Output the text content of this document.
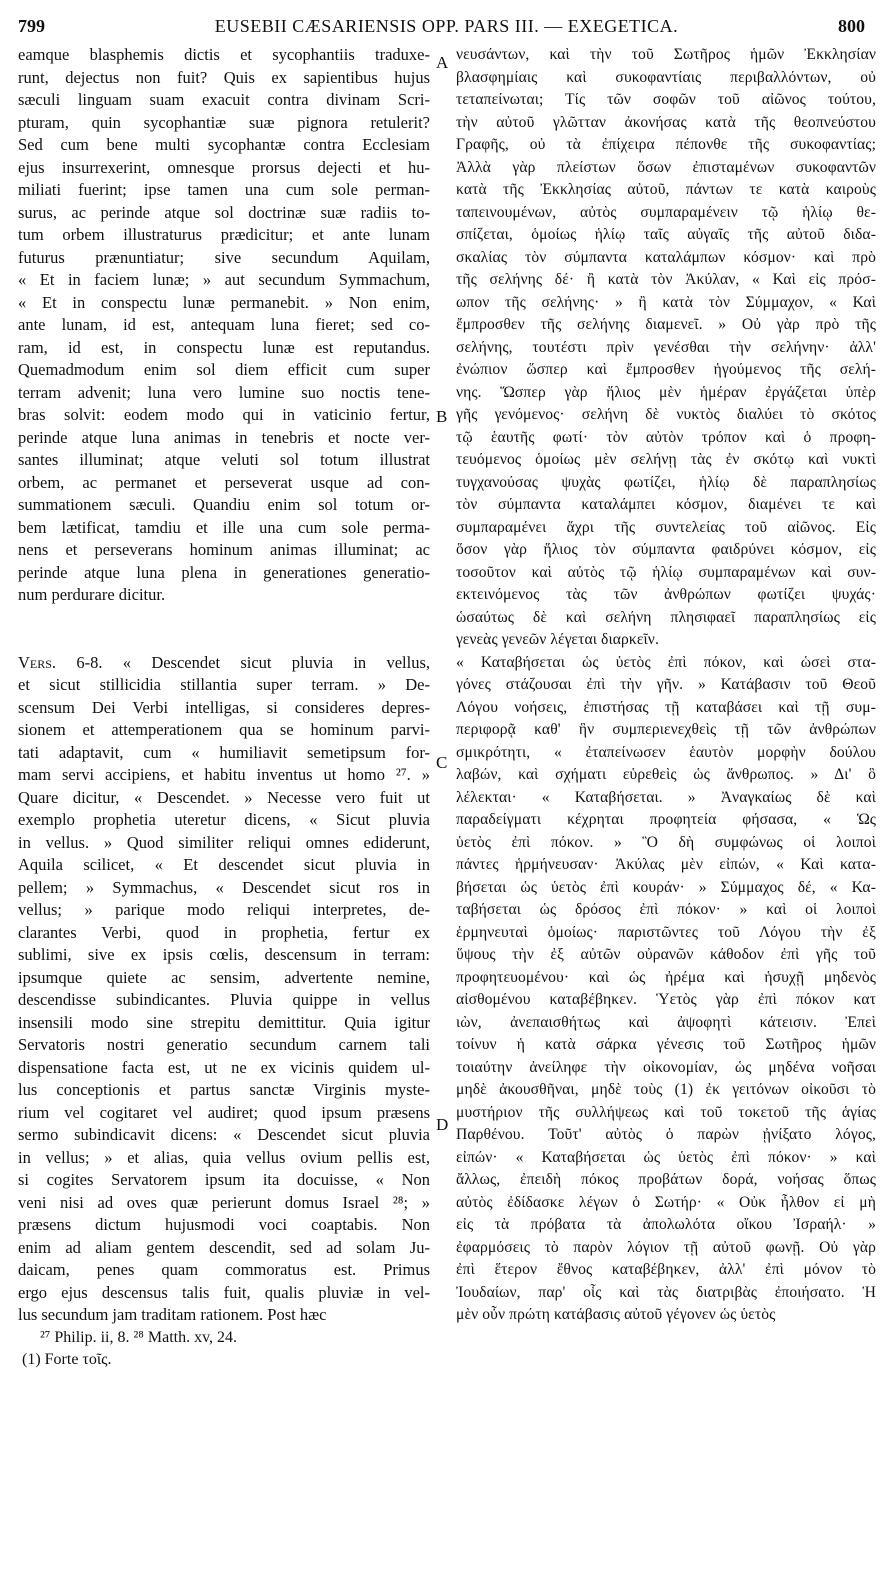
799	EUSEBII CÆSARIENSIS OPP. PARS III. — EXEGETICA.	800
eamque blasphemis dictis et sycophantiis traduxe-
runt, dejectus non fuit? Quis ex sapientibus hujus
sæculi linguam suam exacuit contra divinam Scri-
pturam, quin sycophantiæ suæ pignora retulerit?
Sed cum bene multi sycophantæ contra Ecclesiam
ejus insurrexerint, omnesque prorsus dejecti et hu-
miliati fuerint; ipse tamen una cum sole perman-
surus, ac perinde atque sol doctrinæ suæ radiis to-
tum orbem illustraturus prædicitur; et ante lunam
futurus prænuntiatur; sive secundum Aquilam,
« Et in faciem lunæ; » aut secundum Symmachum,
« Et in conspectu lunæ permanebit. » Non enim,
ante lunam, id est, antequam luna fieret; sed co-
ram, id est, in conspectu lunæ est reputandus.
Quemadmodum enim sol diem efficit cum super
terram advenit; luna vero lumine suo noctis tene-
bras solvit: eodem modo qui in vaticinio fertur,
perinde atque luna animas in tenebris et nocte ver-
santes illuminat; atque veluti sol totum illustrat
orbem, ac permanet et perseverat usque ad con-
summationem sæculi. Quandiu enim sol totum or-
bem lætificat, tamdiu et ille una cum sole perma-
nens et perseverans hominum animas illuminat; ac
perinde atque luna plena in generationes generatio-
num perdurare dicitur.
Vers. 6-8. « Descendet sicut pluvia in vellus,
et sicut stillicidia stillantia super terram. » De-
scensum Dei Verbi intelligas, si consideres depres-
sionem et attemperationem qua se hominum parvi-
tati adaptavit, cum « humiliavit semetipsum for-
mam servi accipiens, et habitu inventus ut homo ²⁷. »
Quare dicitur, « Descendet. » Necesse vero fuit ut
exemplo prophetia uteretur dicens, « Sicut pluvia
in vellus. » Quod similiter reliqui omnes ediderunt,
Aquila scilicet, « Et descendet sicut pluvia in
pellem; » Symmachus, « Descendet sicut ros in
vellus; » parique modo reliqui interpretes, de-
clarantes Verbi, quod in prophetia, fertur ex
sublimi, sive ex ipsis cœlis, descensum in terram:
ipsumque quiete ac sensim, advertente nemine,
descendisse subindicantes. Pluvia quippe in vellus
insensili modo sine strepitu demittitur. Quia igitur
Servatoris nostri generatio secundum carnem tali
dispensatione facta est, ut ne ex vicinis quidem ul-
lus conceptionis et partus sanctæ Virginis myste-
rium vel cogitaret vel audiret; quod ipsum præsens
sermo subindicavit dicens: « Descendet sicut pluvia
in vellus; » et alias, quia vellus ovium pellis est,
si cogites Servatorem ipsum ita docuisse, « Non
veni nisi ad oves quæ perierunt domus Israel ²⁸; »
præsens dictum hujusmodi voci coaptabis. Non
enim ad aliam gentem descendit, sed ad solam Ju-
daicam, penes quam commoratus est. Primus
ergo ejus descensus talis fuit, qualis pluviæ in vel-
lus secundum jam traditam rationem. Post hæc
²⁷ Philip. ii, 8. ²⁸ Matth. xv, 24.
(1) Forte τοῖς.
νευσάντων, καὶ τὴν τοῦ Σωτῆρος ἡμῶν Ἐκκλησίαν
βλασφημίαις καὶ συκοφαντίαις περιβαλλόντων, οὐ
τεταπείνωται; Τίς τῶν σοφῶν τοῦ αἰῶνος τούτου,
τὴν αὐτοῦ γλῶτταν ἀκονήσας κατὰ τῆς θεοπνεύστου
Γραφῆς, οὐ τὰ ἐπίχειρα πέπονθε τῆς συκοφαντίας;
Ἀλλὰ γὰρ πλείστων ὅσων ἐπισταμένων συκοφαντῶν
κατὰ τῆς Ἐκκλησίας αὐτοῦ, πάντων τε κατὰ καιροὺς
ταπεινουμένων, αὐτὸς συμπαραμένειν τῷ ἡλίῳ θε-
σπίζεται, ὁμοίως ἡλίῳ ταῖς αὐγαῖς τῆς αὐτοῦ διδα-
σκαλίας τὸν σύμπαντα καταλάμπων κόσμον· καὶ πρὸ
τῆς σελήνης δέ· ἢ κατὰ τὸν Ἀκύλαν, « Καὶ εἰς πρόσ-
ωπον τῆς σελήνης· » ἢ κατὰ τὸν Σύμμαχον, « Καὶ
ἔμπροσθεν τῆς σελήνης διαμενεῖ. » Οὐ γὰρ πρὸ τῆς
σελήνης, τουτέστι πρὶν γενέσθαι τὴν σελήνην· ἀλλ'
ἐνώπιον ὥσπερ καὶ ἔμπροσθεν ἡγούμενος τῆς σελή-
νης. Ὥσπερ γὰρ ἥλιος μὲν ἡμέραν ἐργάζεται ὑπὲρ
γῆς γενόμενος· σελήνη δὲ νυκτὸς διαλύει τὸ σκότος
τῷ ἑαυτῆς φωτί· τὸν αὐτὸν τρόπον καὶ ὁ προφη-
τευόμενος ὁμοίως μὲν σελήνῃ τὰς ἐν σκότῳ καὶ νυκτὶ
τυγχανούσας ψυχὰς φωτίζει, ἡλίῳ δὲ παραπλησίως
τὸν σύμπαντα καταλάμπει κόσμον, διαμένει τε καὶ
συμπαραμένει ἄχρι τῆς συντελείας τοῦ αἰῶνος. Εἰς
ὅσον γὰρ ἥλιος τὸν σύμπαντα φαιδρύνει κόσμον, εἰς
τοσοῦτον καὶ αὐτὸς τῷ ἡλίῳ συμπαραμένων καὶ συν-
εκτεινόμενος τὰς τῶν ἀνθρώπων φωτίζει ψυχάς·
ὡσαύτως δὲ καὶ σελήνη πλησιφαεῖ παραπλησίως εἰς
γενεὰς γενεῶν λέγεται διαρκεῖν.
« Καταβήσεται ὡς ὑετὸς ἐπὶ πόκον, καὶ ὡσεὶ στα-
γόνες στάζουσαι ἐπὶ τὴν γῆν. » Κατάβασιν τοῦ Θεοῦ
Λόγου νοήσεις, ἐπιστήσας τῇ καταβάσει καὶ τῇ συμ-
περιφορᾷ καθ' ἣν συμπεριενεχθεὶς τῇ τῶν ἀνθρώπων
σμικρότητι, « ἐταπείνωσεν ἑαυτὸν μορφὴν δούλου
λαβών, καὶ σχήματι εὑρεθεὶς ὡς ἄνθρωπος. » Δι' ὃ
λέλεκται· « Καταβήσεται. » Ἀναγκαίως δὲ καὶ
παραδείγματι κέχρηται προφητεία φήσασα, « Ὡς
ὑετὸς ἐπὶ πόκον. » Ὃ δὴ συμφώνως οἱ λοιποὶ
πάντες ἡρμήνευσαν· Ἀκύλας μὲν εἰπών, « Καὶ κατα-
βήσεται ὡς ὑετὸς ἐπὶ κουράν· » Σύμμαχος δέ, « Κα-
ταβήσεται ὡς δρόσος ἐπὶ πόκον· » καὶ οἱ λοιποὶ
ἑρμηνευταὶ ὁμοίως· παριστῶντες τοῦ Λόγου τὴν ἐξ
ὕψους τὴν ἐξ αὐτῶν οὐρανῶν κάθοδον ἐπὶ γῆς τοῦ
προφητευομένου· καὶ ὡς ἠρέμα καὶ ἡσυχῇ μηδενὸς
αἰσθομένου καταβέβηκεν. Ὑετὸς γὰρ ἐπὶ πόκον κατ
ιὼν, ἀνεπαισθήτως καὶ ἀψοφητὶ κάτεισιν. Ἐπεὶ
τοίνυν ἡ κατὰ σάρκα γένεσις τοῦ Σωτῆρος ἡμῶν
τοιαύτην ἀνείληφε τὴν οἰκονομίαν, ὡς μηδένα νοῆσαι
μηδὲ ἀκουσθῆναι, μηδὲ τοὺς (1) ἐκ γειτόνων οἰκοῦσι τὸ
μυστήριον τῆς συλλήψεως καὶ τοῦ τοκετοῦ τῆς ἁγίας
Παρθένου. Τοῦτ' αὐτὸς ὁ παρὼν ᾐνίξατο λόγος,
εἰπών· « Καταβήσεται ὡς ὑετὸς ἐπὶ πόκον· » καὶ
ἄλλως, ἐπειδὴ πόκος προβάτων δορά, νοήσας ὅπως
αὐτὸς ἐδίδασκε λέγων ὁ Σωτήρ· « Οὐκ ἦλθον εἰ μὴ
εἰς τὰ πρόβατα τὰ ἀπολωλότα οἴκου Ἰσραήλ· »
ἐφαρμόσεις τὸ παρὸν λόγιον τῇ αὐτοῦ φωνῇ. Οὐ γὰρ
ἐπὶ ἕτερον ἔθνος καταβέβηκεν, ἀλλ' ἐπὶ μόνον τὸ
Ἰουδαίων, παρ' οἷς καὶ τὰς διατριβὰς ἐποιήσατο. Ἡ
μὲν οὖν πρώτη κατάβασις αὐτοῦ γέγονεν ὡς ὑετὸς
A
B
C
D
